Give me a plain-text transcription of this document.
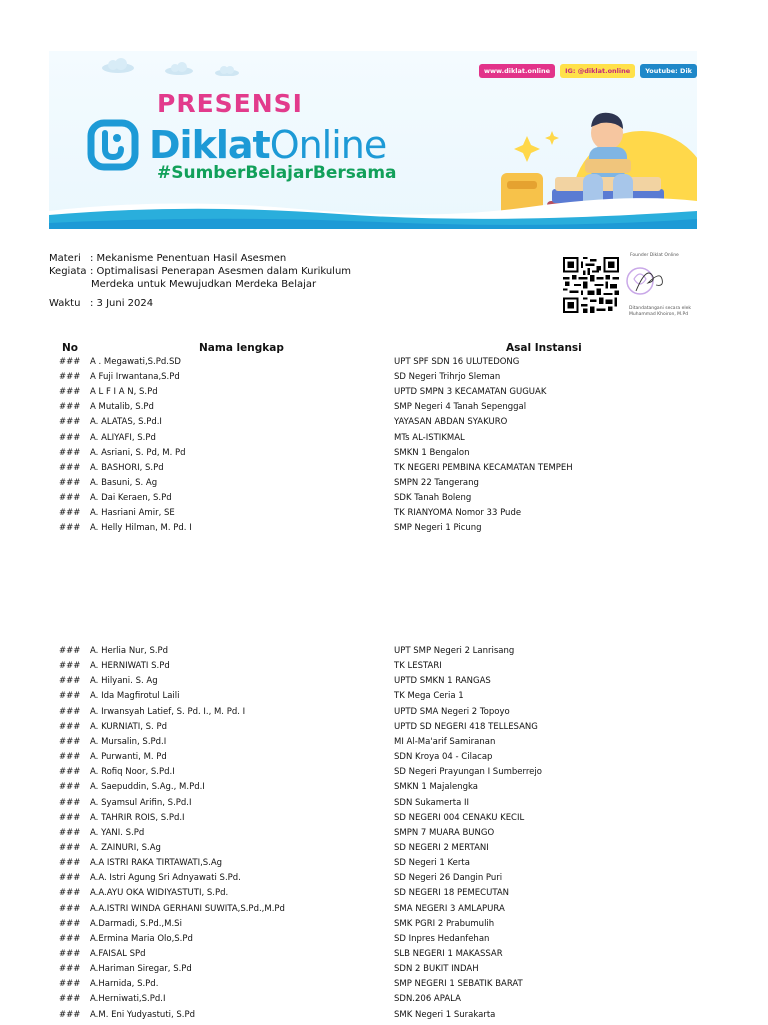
www.diklat.online	IG: @diklat.online	Youtube: Dik
PRESENSI
Diklat Online
#SumberBelajarBersama
Materi : Mekanisme Penentuan Hasil Asesmen
Kegiata : Optimalisasi Penerapan Asesmen dalam Kurikulum
Merdeka untuk Mewujudkan Merdeka Belajar
Waktu : 3 Juni 2024
Founder Diklat Online
Ditandatangani secara elek
Muhammad Khoiron, M.Pd
No	Nama lengkap	Asal Instansi
### A . Megawati,S.Pd.SD	UPT SPF SDN 16 ULUTEDONG
### A Fuji Irwantana,S.Pd	SD Negeri Trihrjo Sleman
### A L F I A N, S.Pd	UPTD SMPN 3 KECAMATAN GUGUAK
### A Mutalib, S.Pd	SMP Negeri 4 Tanah Sepenggal
### A. ALATAS, S.Pd.I	YAYASAN ABDAN SYAKURO
### A. ALIYAFI, S.Pd	MTs AL-ISTIKMAL
### A. Asriani, S. Pd, M. Pd	SMKN 1 Bengalon
### A. BASHORI, S.Pd	TK NEGERI PEMBINA KECAMATAN TEMPEH
### A. Basuni, S. Ag	SMPN 22 Tangerang
### A. Dai Keraen, S.Pd	SDK Tanah Boleng
### A. Hasriani Amir, SE	TK RIANYOMA Nomor 33 Pude
### A. Helly Hilman, M. Pd. I	SMP Negeri 1 Picung
### A. Herlia Nur, S.Pd	UPT SMP Negeri 2 Lanrisang
### A. HERNIWATI S.Pd	TK LESTARI
### A. Hilyani. S. Ag	UPTD SMKN 1 RANGAS
### A. Ida Magfirotul Laili	TK Mega Ceria 1
### A. Irwansyah Latief, S. Pd. I., M. Pd. I	UPTD SMA Negeri 2 Topoyo
### A. KURNIATI, S. Pd	UPTD SD NEGERI 418 TELLESANG
### A. Mursalin, S.Pd.I	MI Al-Ma'arif Samiranan
### A. Purwanti, M. Pd	SDN Kroya 04 - Cilacap
### A. Rofiq Noor, S.Pd.I	SD Negeri Prayungan I Sumberrejo
### A. Saepuddin, S.Ag., M.Pd.I	SMKN 1 Majalengka
### A. Syamsul Arifin, S.Pd.I	SDN Sukamerta II
### A. TAHRIR ROIS, S.Pd.I	SD NEGERI 004 CENAKU KECIL
### A. YANI. S.Pd	SMPN 7 MUARA BUNGO
### A. ZAINURI, S.Ag	SD NEGERI 2 MERTANI
### A.A ISTRI RAKA TIRTAWATI,S.Ag	SD Negeri 1 Kerta
### A.A. Istri Agung Sri Adnyawati S.Pd.	SD Negeri 26 Dangin Puri
### A.A.AYU OKA WIDIYASTUTI, S.Pd.	SD NEGERI 18 PEMECUTAN
### A.A.ISTRI WINDA GERHANI SUWITA,S.Pd.,M.Pd	SMA NEGERI 3 AMLAPURA
### A.Darmadi, S.Pd.,M.Si	SMK PGRI 2 Prabumulih
### A.Ermina Maria Olo,S.Pd	SD Inpres Hedanfehan
### A.FAISAL SPd	SLB NEGERI 1 MAKASSAR
### A.Hariman Siregar, S.Pd	SDN 2 BUKIT INDAH
### A.Harnida, S.Pd.	SMP NEGERI 1 SEBATIK BARAT
### A.Herniwati,S.Pd.I	SDN.206 APALA
### A.M. Eni Yudyastuti, S.Pd	SMK Negeri 1 Surakarta
